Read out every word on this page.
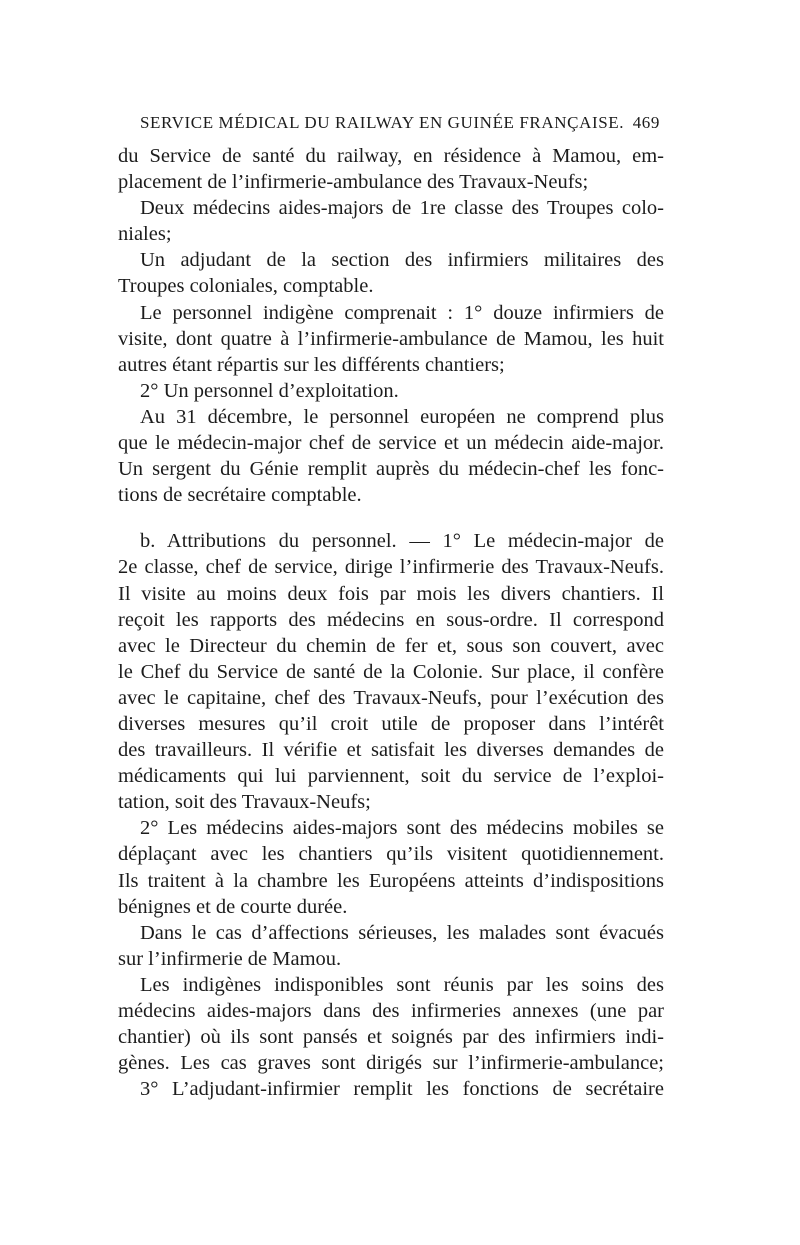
SERVICE MÉDICAL DU RAILWAY EN GUINÉE FRANÇAISE. 469
du Service de santé du railway, en résidence à Mamou, em-
placement de l’infirmerie-ambulance des Travaux-Neufs;
Deux médecins aides-majors de 1re classe des Troupes colo-
niales;
Un adjudant de la section des infirmiers militaires des
Troupes coloniales, comptable.
Le personnel indigène comprenait : 1° douze infirmiers de
visite, dont quatre à l’infirmerie-ambulance de Mamou, les huit
autres étant répartis sur les différents chantiers;
2° Un personnel d’exploitation.
Au 31 décembre, le personnel européen ne comprend plus
que le médecin-major chef de service et un médecin aide-major.
Un sergent du Génie remplit auprès du médecin-chef les fonc-
tions de secrétaire comptable.
b. Attributions du personnel. — 1° Le médecin-major de
2e classe, chef de service, dirige l’infirmerie des Travaux-Neufs.
Il visite au moins deux fois par mois les divers chantiers. Il
reçoit les rapports des médecins en sous-ordre. Il correspond
avec le Directeur du chemin de fer et, sous son couvert, avec
le Chef du Service de santé de la Colonie. Sur place, il confère
avec le capitaine, chef des Travaux-Neufs, pour l’exécution des
diverses mesures qu’il croit utile de proposer dans l’intérêt
des travailleurs. Il vérifie et satisfait les diverses demandes de
médicaments qui lui parviennent, soit du service de l’exploi-
tation, soit des Travaux-Neufs;
2° Les médecins aides-majors sont des médecins mobiles se
déplaçant avec les chantiers qu’ils visitent quotidiennement.
Ils traitent à la chambre les Européens atteints d’indispositions
bénignes et de courte durée.
Dans le cas d’affections sérieuses, les malades sont évacués
sur l’infirmerie de Mamou.
Les indigènes indisponibles sont réunis par les soins des
médecins aides-majors dans des infirmeries annexes (une par
chantier) où ils sont pansés et soignés par des infirmiers indi-
gènes. Les cas graves sont dirigés sur l’infirmerie-ambulance;
3° L’adjudant-infirmier remplit les fonctions de secrétaire
